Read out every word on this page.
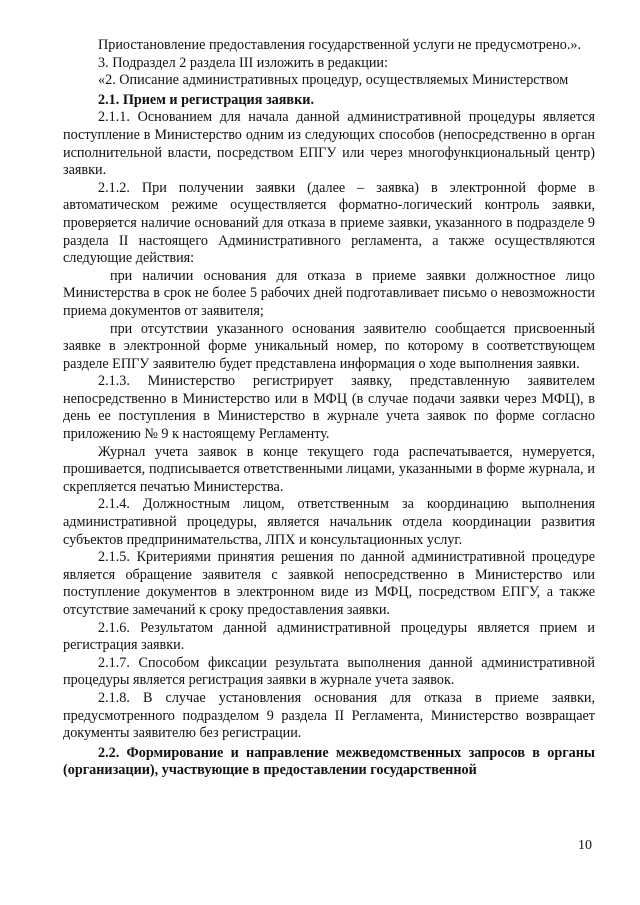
Приостановление предоставления государственной услуги не предусмотрено.».

3. Подраздел 2 раздела III изложить в редакции:

«2. Описание административных процедур, осуществляемых Министерством

2.1. Прием и регистрация заявки.

2.1.1. Основанием для начала данной административной процедуры является поступление в Министерство одним из следующих способов (непосредственно в орган исполнительной власти, посредством ЕПГУ или через многофункциональный центр) заявки.

2.1.2. При получении заявки (далее – заявка) в электронной форме в автоматическом режиме осуществляется форматно-логический контроль заявки, проверяется наличие оснований для отказа в приеме заявки, указанного в подразделе 9 раздела II настоящего Административного регламента, а также осуществляются следующие действия:

при наличии основания для отказа в приеме заявки должностное лицо Министерства в срок не более 5 рабочих дней подготавливает письмо о невозможности приема документов от заявителя;

при отсутствии указанного основания заявителю сообщается присвоенный заявке в электронной форме уникальный номер, по которому в соответствующем разделе ЕПГУ заявителю будет представлена информация о ходе выполнения заявки.

2.1.3. Министерство регистрирует заявку, представленную заявителем непосредственно в Министерство или в МФЦ (в случае подачи заявки через МФЦ), в день ее поступления в Министерство в журнале учета заявок по форме согласно приложению № 9 к настоящему Регламенту.

Журнал учета заявок в конце текущего года распечатывается, нумеруется, прошивается, подписывается ответственными лицами, указанными в форме журнала, и скрепляется печатью Министерства.

2.1.4. Должностным лицом, ответственным за координацию выполнения административной процедуры, является начальник отдела координации развития субъектов предпринимательства, ЛПХ и консультационных услуг.

2.1.5. Критериями принятия решения по данной административной процедуре является обращение заявителя с заявкой непосредственно в Министерство или поступление документов в электронном виде из МФЦ, посредством ЕПГУ, а также отсутствие замечаний к сроку предоставления заявки.

2.1.6. Результатом данной административной процедуры является прием и регистрация заявки.

2.1.7. Способом фиксации результата выполнения данной административной процедуры является регистрация заявки в журнале учета заявок.

2.1.8. В случае установления основания для отказа в приеме заявки, предусмотренного подразделом 9 раздела II Регламента, Министерство возвращает документы заявителю без регистрации.

2.2. Формирование и направление межведомственных запросов в органы (организации), участвующие в предоставлении государственной

10
